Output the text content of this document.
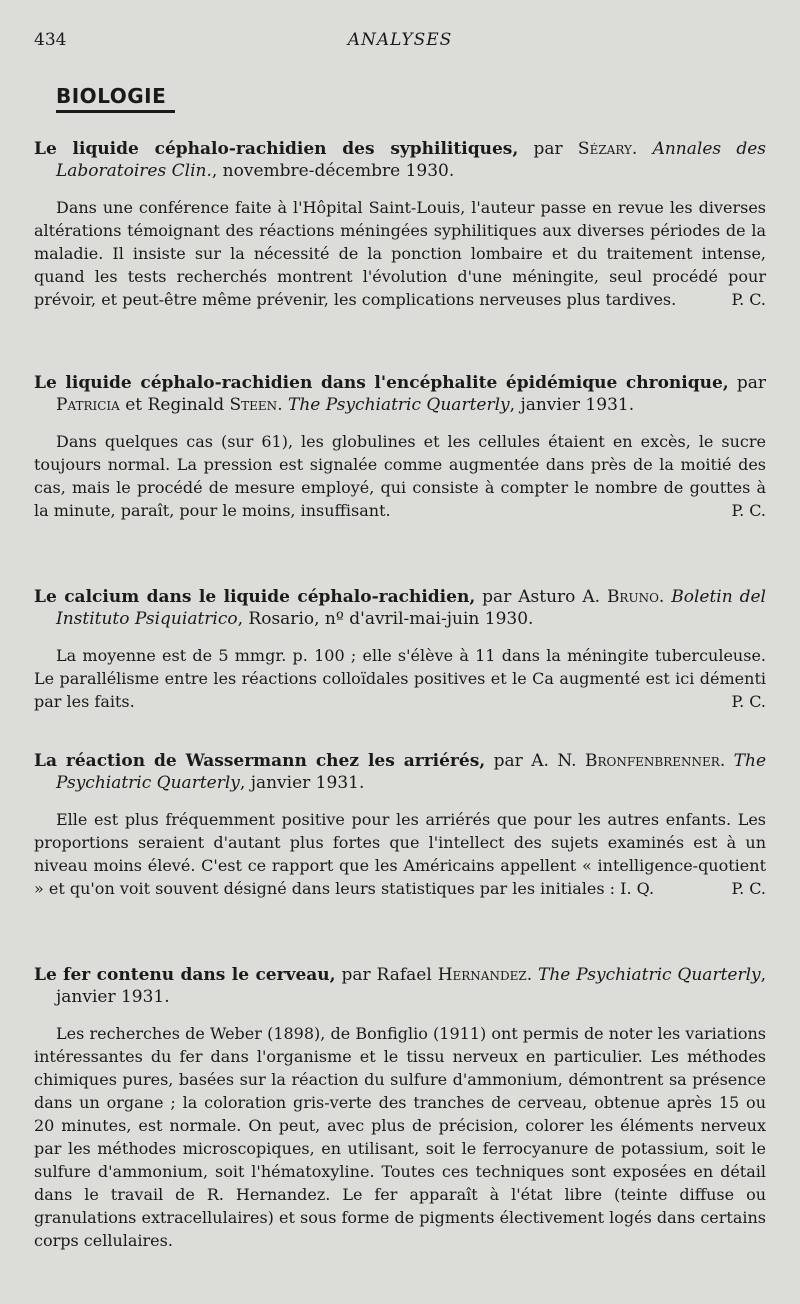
434	ANALYSES
BIOLOGIE
Le liquide céphalo-rachidien des syphilitiques, par Sézary. Annales des Laboratoires Clin., novembre-décembre 1930.

Dans une conférence faite à l'Hôpital Saint-Louis, l'auteur passe en revue les diverses altérations témoignant des réactions méningées syphilitiques aux diverses périodes de la maladie. Il insiste sur la nécessité de la ponction lombaire et du traitement intense, quand les tests recherchés montrent l'évolution d'une méningite, seul procédé pour prévoir, et peut-être même prévenir, les complications nerveuses plus tardives.	P. C.

Le liquide céphalo-rachidien dans l'encéphalite épidémique chronique, par Patricia et Reginald Steen. The Psychiatric Quarterly, janvier 1931.

Dans quelques cas (sur 61), les globulines et les cellules étaient en excès, le sucre toujours normal. La pression est signalée comme augmentée dans près de la moitié des cas, mais le procédé de mesure employé, qui consiste à compter le nombre de gouttes à la minute, paraît, pour le moins, insuffisant.	P. C.

Le calcium dans le liquide céphalo-rachidien, par Asturo A. Bruno. Boletin del Instituto Psiquiatrico, Rosario, nº d'avril-mai-juin 1930.

La moyenne est de 5 mmgr. p. 100 ; elle s'élève à 11 dans la méningite tuberculeuse. Le parallélisme entre les réactions colloïdales positives et le Ca augmenté est ici démenti par les faits.	P. C.

La réaction de Wassermann chez les arriérés, par A. N. Bronfenbrenner. The Psychiatric Quarterly, janvier 1931.

Elle est plus fréquemment positive pour les arriérés que pour les autres enfants. Les proportions seraient d'autant plus fortes que l'intellect des sujets examinés est à un niveau moins élevé. C'est ce rapport que les Américains appellent « intelligence-quotient » et qu'on voit souvent désigné dans leurs statistiques par les initiales : I. Q.	P. C.

Le fer contenu dans le cerveau, par Rafael Hernandez. The Psychiatric Quarterly, janvier 1931.

Les recherches de Weber (1898), de Bonfiglio (1911) ont permis de noter les variations intéressantes du fer dans l'organisme et le tissu nerveux en particulier. Les méthodes chimiques pures, basées sur la réaction du sulfure d'ammonium, démontrent sa présence dans un organe ; la coloration gris-verte des tranches de cerveau, obtenue après 15 ou 20 minutes, est normale. On peut, avec plus de précision, colorer les éléments nerveux par les méthodes microscopiques, en utilisant, soit le ferrocyanure de potassium, soit le sulfure d'ammonium, soit l'hématoxyline. Toutes ces techniques sont exposées en détail dans le travail de R. Hernandez. Le fer apparaît à l'état libre (teinte diffuse ou granulations extracellulaires) et sous forme de pigments électivement logés dans certains corps cellulaires.
